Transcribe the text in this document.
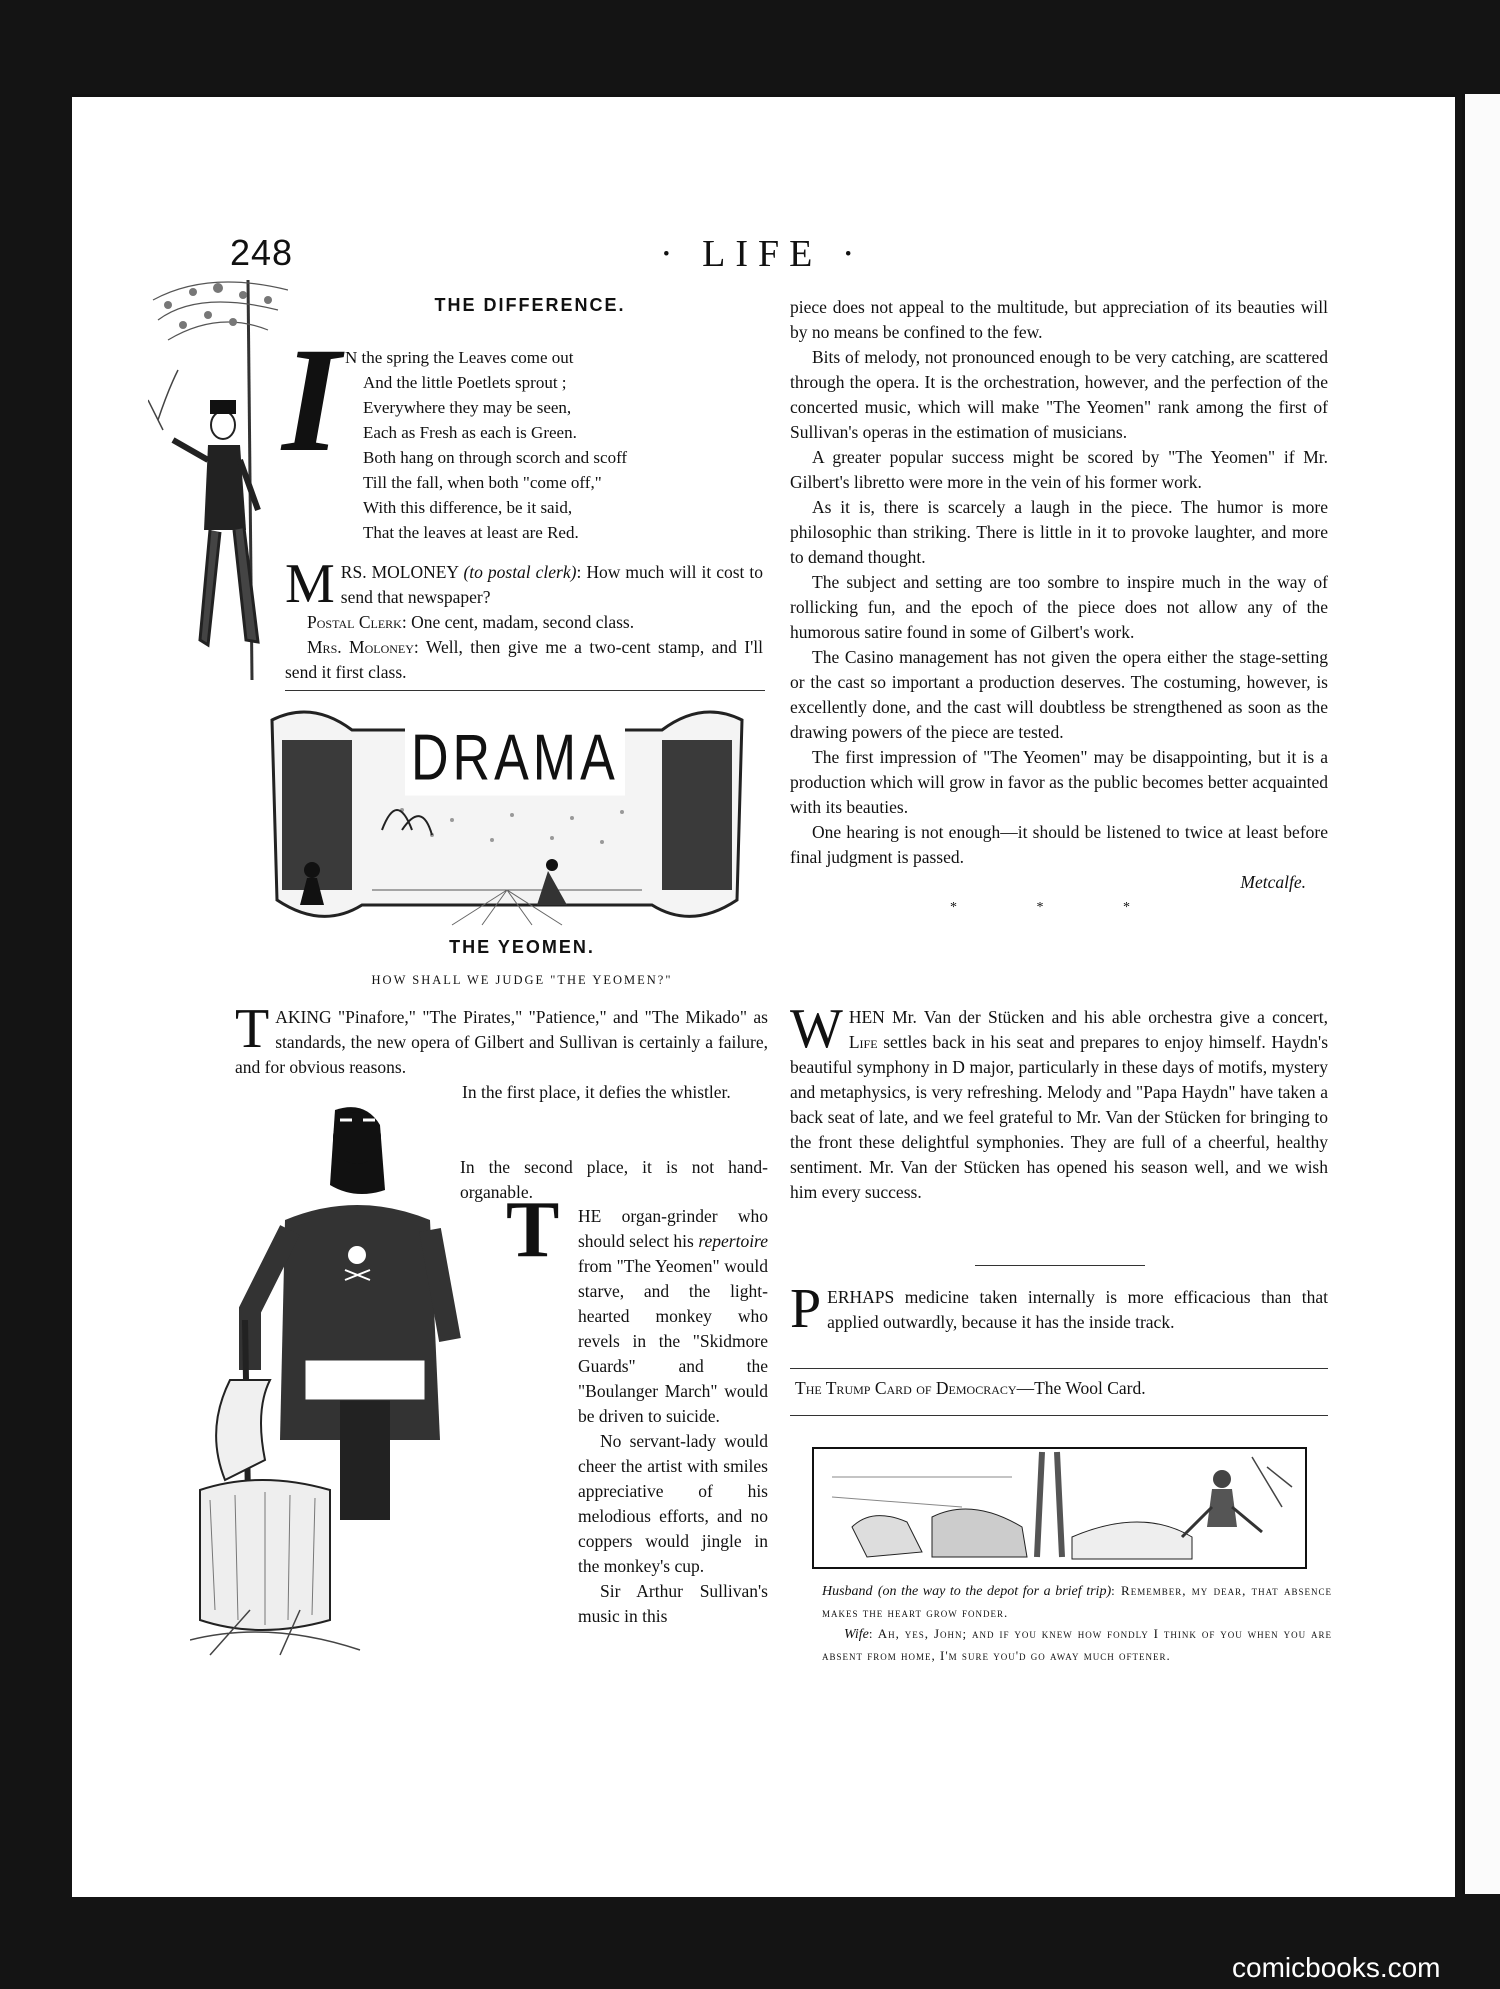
248	· LIFE ·
THE DIFFERENCE.
I N the spring the Leaves come out

And the little Poetlets sprout ;

Everywhere they may be seen,

Each as Fresh as each is Green.

Both hang on through scorch and scoff

Till the fall, when both "come off,"

With this difference, be it said,

That the leaves at least are Red.

MRS. MOLONEY (to postal clerk): How much will it cost to send that newspaper?

Postal Clerk: One cent, madam, second class.

Mrs. Moloney: Well, then give me a two-cent stamp, and I'll send it first class.

DRAMA
THE YEOMEN.
HOW SHALL WE JUDGE "THE YEOMEN?"

TAKING "Pinafore," "The Pirates," "Patience," and "The Mikado" as standards, the new opera of Gilbert and Sullivan is certainly a failure, and for obvious reasons.

In the first place, it defies the whistler.

In the second place, it is not hand-organable.

T HE organ-grinder who should select his repertoire from "The Yeomen" would starve, and the light-hearted monkey who revels in the "Skidmore Guards" and the "Boulanger March" would be driven to suicide.

No servant-lady would cheer the artist with smiles appreciative of his melodious efforts, and no coppers would jingle in the monkey's cup.

Sir Arthur Sullivan's music in this

piece does not appeal to the multitude, but appreciation of its beauties will by no means be confined to the few.

Bits of melody, not pronounced enough to be very catching, are scattered through the opera. It is the orchestration, however, and the perfection of the concerted music, which will make "The Yeomen" rank among the first of Sullivan's operas in the estimation of musicians.

A greater popular success might be scored by "The Yeomen" if Mr. Gilbert's libretto were more in the vein of his former work.

As it is, there is scarcely a laugh in the piece. The humor is more philosophic than striking. There is little in it to provoke laughter, and more to demand thought.

The subject and setting are too sombre to inspire much in the way of rollicking fun, and the epoch of the piece does not allow any of the humorous satire found in some of Gilbert's work.

The Casino management has not given the opera either the stage-setting or the cast so important a production deserves. The costuming, however, is excellently done, and the cast will doubtless be strengthened as soon as the drawing powers of the piece are tested.

The first impression of "The Yeomen" may be disappointing, but it is a production which will grow in favor as the public becomes better acquainted with its beauties.

One hearing is not enough—it should be listened to twice at least before final judgment is passed.

Metcalfe.

* * *

WHEN Mr. Van der Stücken and his able orchestra give a concert, Life settles back in his seat and prepares to enjoy himself. Haydn's beautiful symphony in D major, particularly in these days of motifs, mystery and metaphysics, is very refreshing. Melody and "Papa Haydn" have taken a back seat of late, and we feel grateful to Mr. Van der Stücken for bringing to the front these delightful symphonies. They are full of a cheerful, healthy sentiment. Mr. Van der Stücken has opened his season well, and we wish him every success.

PERHAPS medicine taken internally is more efficacious than that applied outwardly, because it has the inside track.

The Trump Card of Democracy—The Wool Card.

Husband (on the way to the depot for a brief trip): Remember, my dear, that absence makes the heart grow fonder.

Wife: Ah, yes, John; and if you knew how fondly I think of you when you are absent from home, I'm sure you'd go away much oftener.

comicbooks.com
